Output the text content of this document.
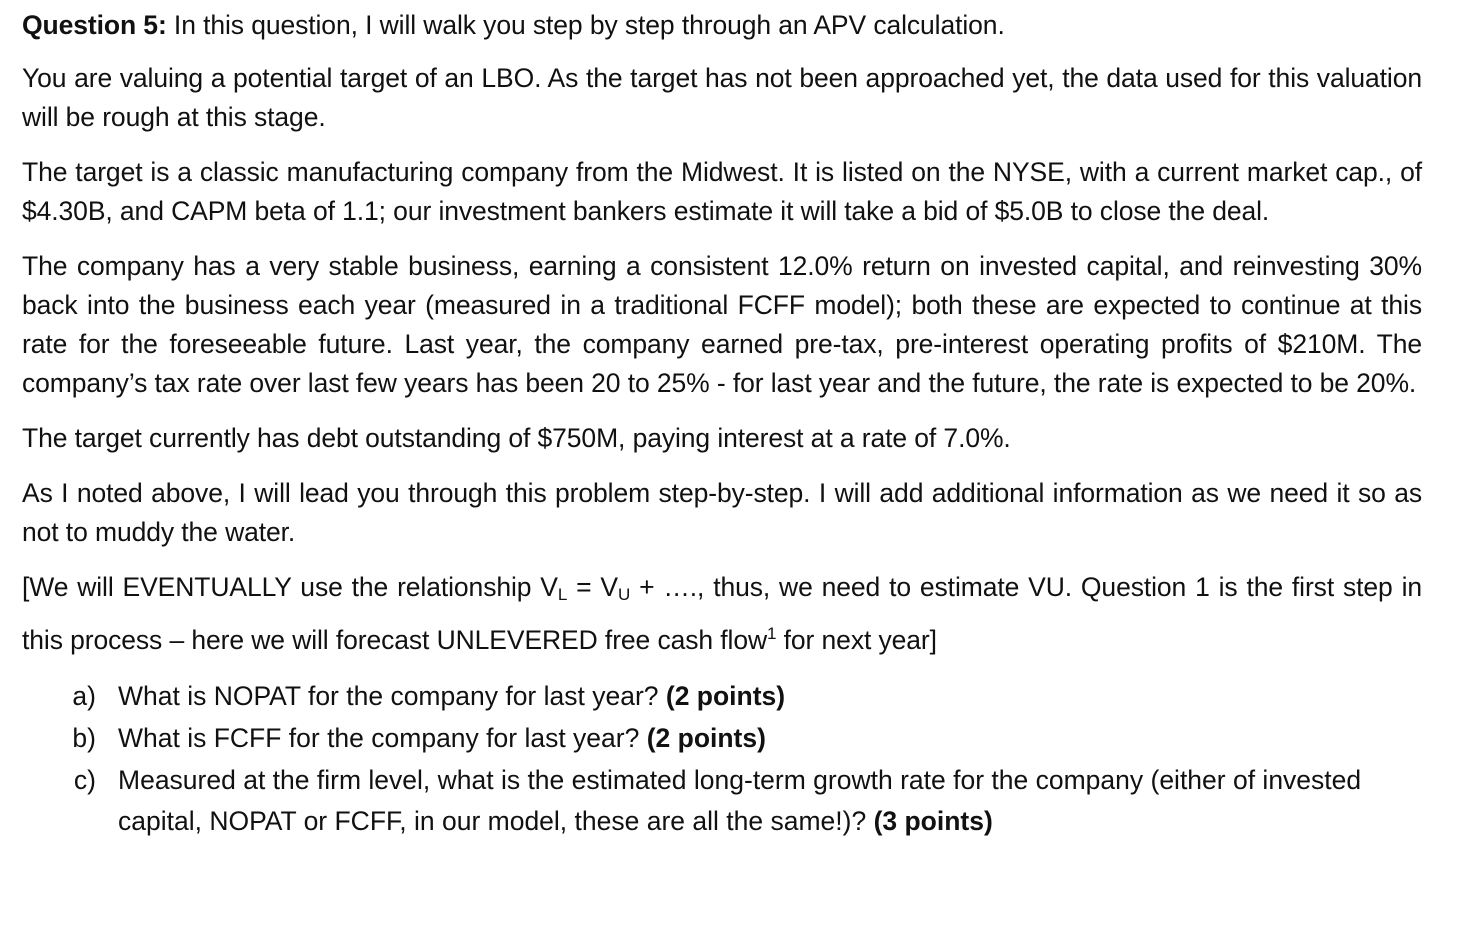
Question 5: In this question, I will walk you step by step through an APV calculation.

You are valuing a potential target of an LBO. As the target has not been approached yet, the data used for this valuation will be rough at this stage.

The target is a classic manufacturing company from the Midwest. It is listed on the NYSE, with a current market cap., of $4.30B, and CAPM beta of 1.1; our investment bankers estimate it will take a bid of $5.0B to close the deal.

The company has a very stable business, earning a consistent 12.0% return on invested capital, and reinvesting 30% back into the business each year (measured in a traditional FCFF model); both these are expected to continue at this rate for the foreseeable future. Last year, the company earned pre-tax, pre-interest operating profits of $210M. The company’s tax rate over last few years has been 20 to 25% - for last year and the future, the rate is expected to be 20%.

The target currently has debt outstanding of $750M, paying interest at a rate of 7.0%.

As I noted above, I will lead you through this problem step-by-step. I will add additional information as we need it so as not to muddy the water.

[We will EVENTUALLY use the relationship $V_L = V_U$ + …., thus, we need to estimate VU. Question 1 is the first step in this process – here we will forecast UNLEVERED free cash flow$^1$ for next year]

a) What is NOPAT for the company for last year? (2 points)
b) What is FCFF for the company for last year? (2 points)
c) Measured at the firm level, what is the estimated long-term growth rate for the company (either of invested capital, NOPAT or FCFF, in our model, these are all the same!)? (3 points)
